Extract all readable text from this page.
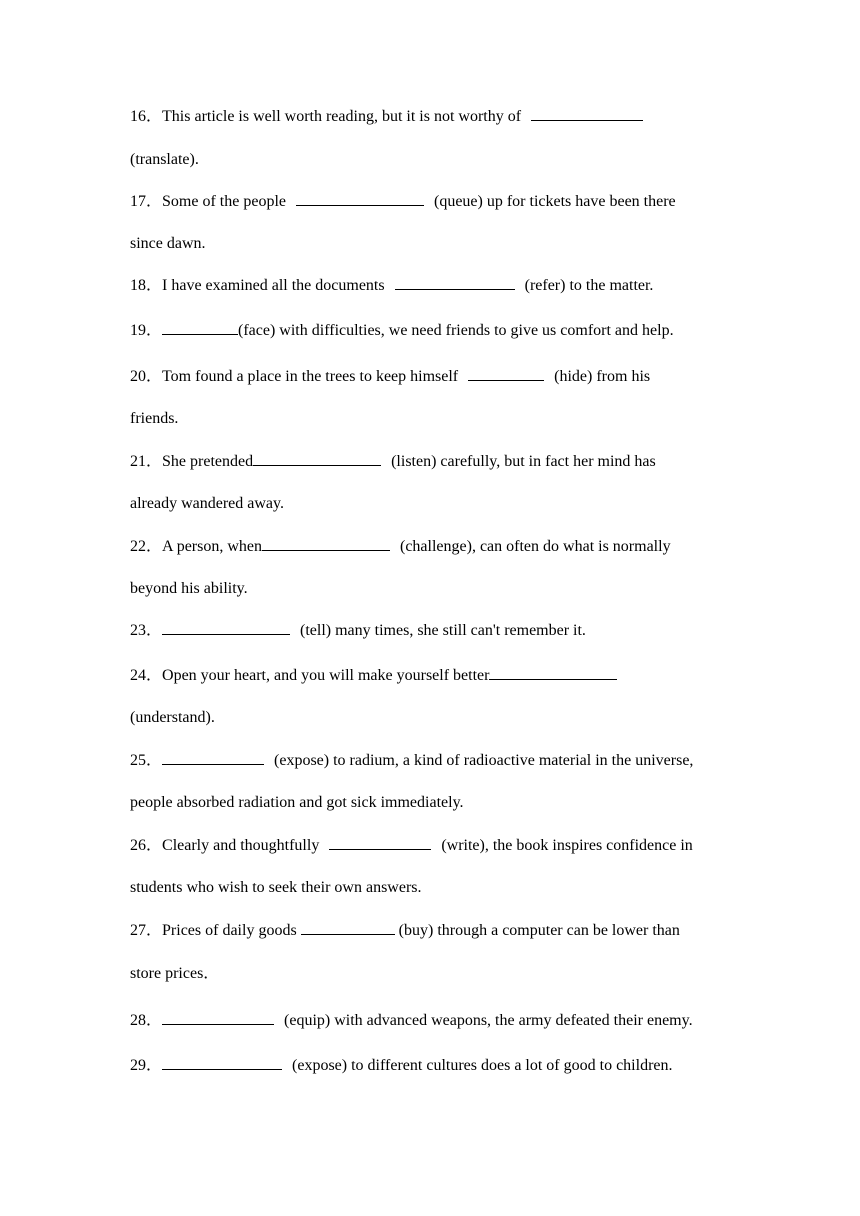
16．This article is well worth reading, but it is not worthy of
(translate).
17．Some of the people	(queue) up for tickets have been there
since dawn.
18．I have examined all the documents	(refer) to the matter.
19．	(face) with difficulties, we need friends to give us comfort and help.
20．Tom found a place in the trees to keep himself	(hide) from his
friends.
21．She pretended	(listen) carefully, but in fact her mind has
already wandered away.
22．A person, when	(challenge), can often do what is normally
beyond his ability.
23．	(tell) many times, she still can't remember it.
24．Open your heart, and you will make yourself better
(understand).
25．	(expose) to radium, a kind of radioactive material in the universe,
people absorbed radiation and got sick immediately.
26．Clearly and thoughtfully	(write), the book inspires confidence in
students who wish to seek their own answers.
27．Prices of daily goods	(buy) through a computer can be lower than
store prices．
28．	(equip) with advanced weapons, the army defeated their enemy.
29．	(expose) to different cultures does a lot of good to children.
